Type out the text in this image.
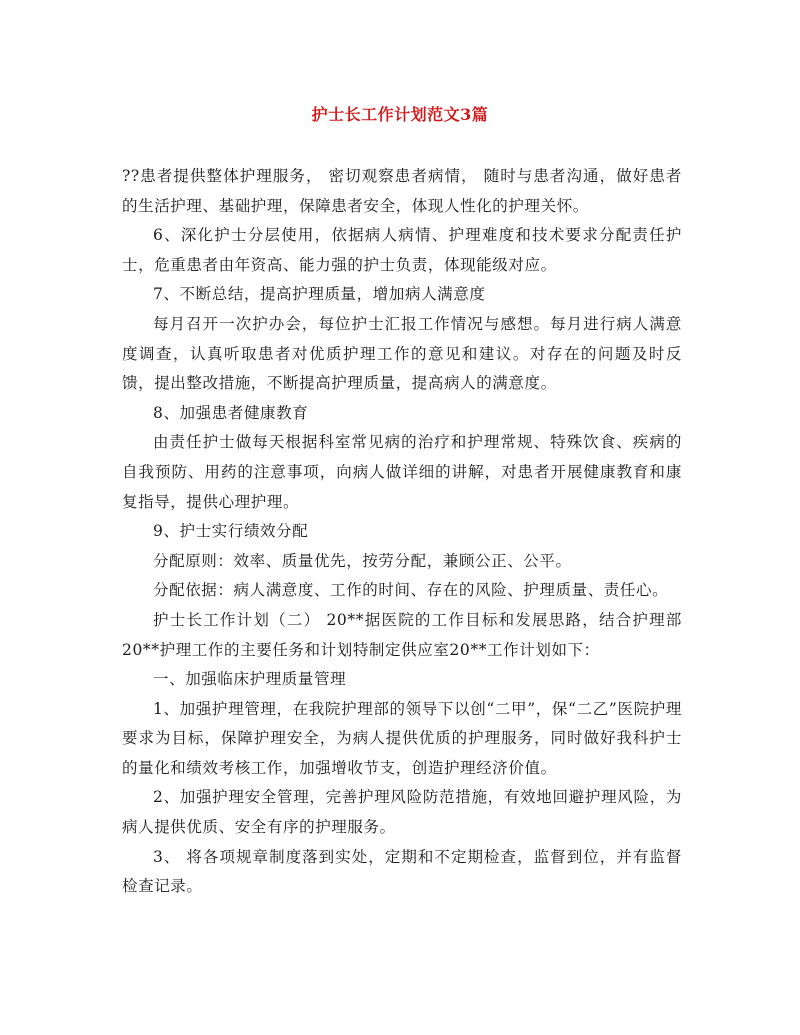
护士长工作计划范文3篇

??患者提供整体护理服务， 密切观察患者病情， 随时与患者沟通，做好患者的生活护理、基础护理，保障患者安全，体现人性化的护理关怀。

6、深化护士分层使用，依据病人病情、护理难度和技术要求分配责任护士，危重患者由年资高、能力强的护士负责，体现能级对应。

7、不断总结，提高护理质量，增加病人满意度

每月召开一次护办会，每位护士汇报工作情况与感想。每月进行病人满意度调查，认真听取患者对优质护理工作的意见和建议。对存在的问题及时反馈，提出整改措施，不断提高护理质量，提高病人的满意度。

8、加强患者健康教育

由责任护士做每天根据科室常见病的治疗和护理常规、特殊饮食、疾病的自我预防、用药的注意事项，向病人做详细的讲解，对患者开展健康教育和康复指导，提供心理护理。

9、护士实行绩效分配

分配原则：效率、质量优先，按劳分配，兼顾公正、公平。

分配依据：病人满意度、工作的时间、存在的风险、护理质量、责任心。

护士长工作计划（二） 20**据医院的工作目标和发展思路，结合护理部20**护理工作的主要任务和计划特制定供应室20**工作计划如下：

一、加强临床护理质量管理

1、加强护理管理，在我院护理部的领导下以创“二甲”，保“二乙”医院护理要求为目标，保障护理安全，为病人提供优质的护理服务，同时做好我科护士的量化和绩效考核工作，加强增收节支，创造护理经济价值。

2、加强护理安全管理，完善护理风险防范措施，有效地回避护理风险，为病人提供优质、安全有序的护理服务。

3、 将各项规章制度落到实处，定期和不定期检查，监督到位，并有监督检查记录。
